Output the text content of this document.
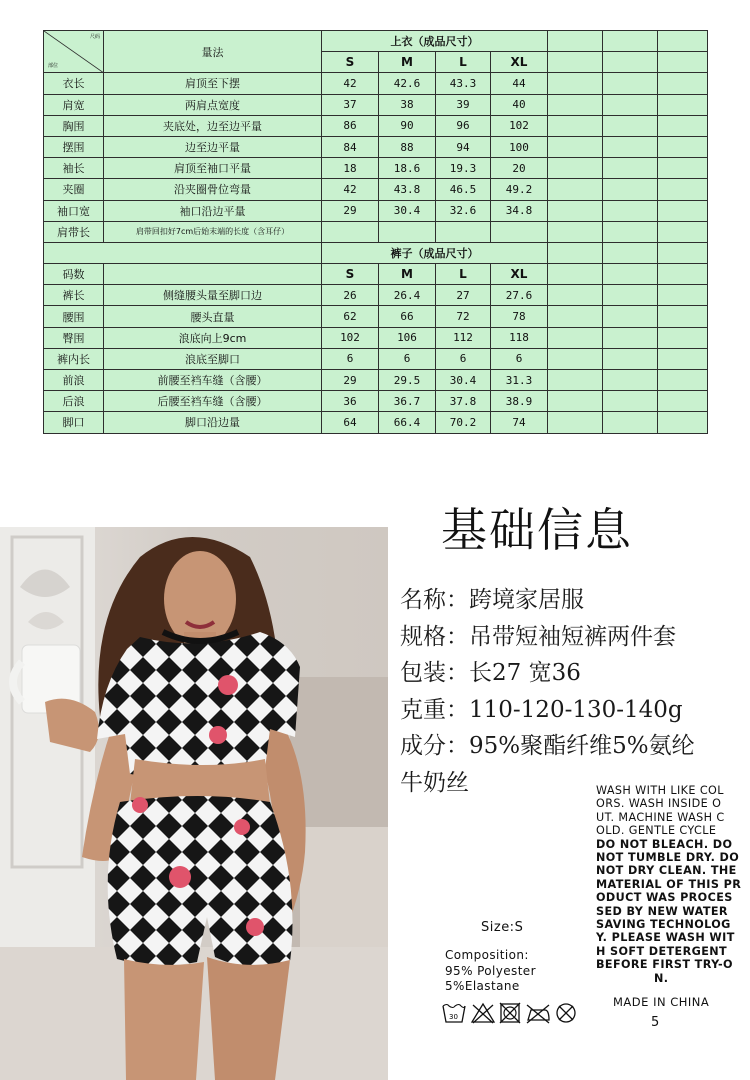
尺码
部位	量法	上衣（成品尺寸）						
		S	M	L	XL			
衣长	肩顶至下摆	42	42.6	43.3	44			
肩宽	两肩点宽度	37	38	39	40			
胸围	夹底处，边至边平量	86	90	96	102			
摆围	边至边平量	84	88	94	100			
袖长	肩顶至袖口平量	18	18.6	19.3	20			
夹圈	沿夹圈骨位弯量	42	43.8	46.5	49.2			
袖口宽	袖口沿边平量	29	30.4	32.6	34.8			
肩带长	肩带回扣好7cm后始末端的长度（含耳仔）							
		裤子（成品尺寸）						
码数		S	M	L	XL			
裤长	侧缝腰头量至脚口边	26	26.4	27	27.6			
腰围	腰头直量	62	66	72	78			
臀围	浪底向上9cm	102	106	112	118			
裤内长	浪底至脚口	6	6	6	6			
前浪	前腰至裆车缝（含腰）	29	29.5	30.4	31.3			
后浪	后腰至裆车缝（含腰）	36	36.7	37.8	38.9			
脚口	脚口沿边量	64	66.4	70.2	74			
基础信息
名称：跨境家居服
规格：吊带短袖短裤两件套
包装：长27 宽36
克重：110-120-130-140g
成分：95%聚酯纤维5%氨纶
牛奶丝	WASH WITH LIKE COL
ORS. WASH INSIDE O
UT. MACHINE WASH C
OLD. GENTLE CYCLE
DO NOT BLEACH. DO
NOT TUMBLE DRY. DO
NOT DRY CLEAN. THE
MATERIAL OF THIS PR
ODUCT WAS PROCES
SED BY NEW WATER
SAVING TECHNOLOG
Y. PLEASE WASH WIT
H SOFT DETERGENT
BEFORE FIRST TRY-O
N.
Size:S
Composition:
95% Polyester
5%Elastane
30
MADE IN CHINA
5
